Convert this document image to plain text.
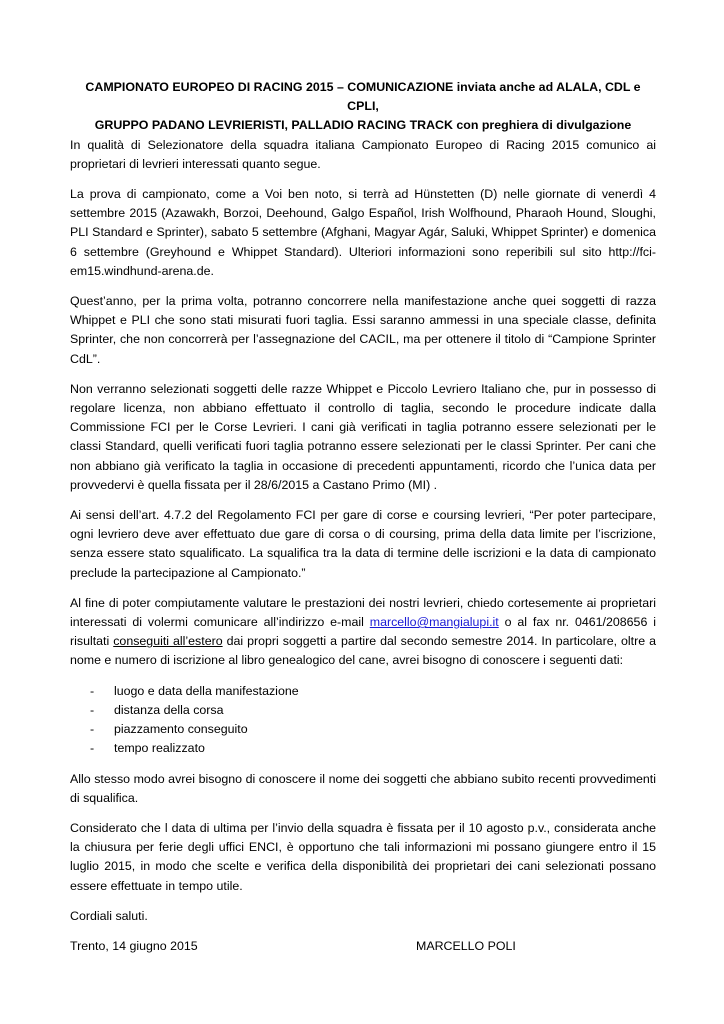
CAMPIONATO EUROPEO DI RACING 2015 – COMUNICAZIONE inviata anche ad ALALA, CDL e CPLI,
GRUPPO PADANO LEVRIERISTI, PALLADIO RACING TRACK con preghiera di divulgazione

In qualità di Selezionatore della squadra italiana Campionato Europeo di Racing 2015 comunico ai proprietari di levrieri interessati quanto segue.

La prova di campionato, come a Voi ben noto, si terrà ad Hünstetten (D) nelle giornate di venerdì 4 settembre 2015 (Azawakh, Borzoi, Deehound, Galgo Español, Irish Wolfhound, Pharaoh Hound, Sloughi, PLI Standard e Sprinter), sabato 5 settembre (Afghani, Magyar Agár, Saluki, Whippet Sprinter) e domenica 6 settembre (Greyhound e Whippet Standard). Ulteriori informazioni sono reperibili sul sito http://fci-em15.windhund-arena.de.

Quest’anno, per la prima volta, potranno concorrere nella manifestazione anche quei soggetti di razza Whippet e PLI che sono stati misurati fuori taglia. Essi saranno ammessi in una speciale classe, definita Sprinter, che non concorrerà per l’assegnazione del CACIL, ma per ottenere il titolo di “Campione Sprinter CdL”.

Non verranno selezionati soggetti delle razze Whippet e Piccolo Levriero Italiano che, pur in possesso di regolare licenza, non abbiano effettuato il controllo di taglia, secondo le procedure indicate dalla Commissione FCI per le Corse Levrieri. I cani già verificati in taglia potranno essere selezionati per le classi Standard, quelli verificati fuori taglia potranno essere selezionati per le classi Sprinter. Per cani che non abbiano già verificato la taglia in occasione di precedenti appuntamenti, ricordo che l’unica data per provvedervi è quella fissata per il 28/6/2015 a Castano Primo (MI) .

Ai sensi dell’art. 4.7.2 del Regolamento FCI per gare di corse e coursing levrieri, “Per poter partecipare, ogni levriero deve aver effettuato due gare di corsa o di coursing, prima della data limite per l’iscrizione, senza essere stato squalificato. La squalifica tra la data di termine delle iscrizioni e la data di campionato preclude la partecipazione al Campionato.”

Al fine di poter compiutamente valutare le prestazioni dei nostri levrieri, chiedo cortesemente ai proprietari interessati di volermi comunicare all’indirizzo e-mail marcello@mangialupi.it o al fax nr. 0461/208656 i risultati conseguiti all’estero dai propri soggetti a partire dal secondo semestre 2014. In particolare, oltre a nome e numero di iscrizione al libro genealogico del cane, avrei bisogno di conoscere i seguenti dati:

- luogo e data della manifestazione
- distanza della corsa
- piazzamento conseguito
- tempo realizzato

Allo stesso modo avrei bisogno di conoscere il nome dei soggetti che abbiano subito recenti provvedimenti di squalifica.

Considerato che l data di ultima per l’invio della squadra è fissata per il 10 agosto p.v., considerata anche la chiusura per ferie degli uffici ENCI, è opportuno che tali informazioni mi possano giungere entro il 15 luglio 2015, in modo che scelte e verifica della disponibilità dei proprietari dei cani selezionati possano essere effettuate in tempo utile.

Cordiali saluti.

Trento, 14 giugno 2015	MARCELLO POLI
